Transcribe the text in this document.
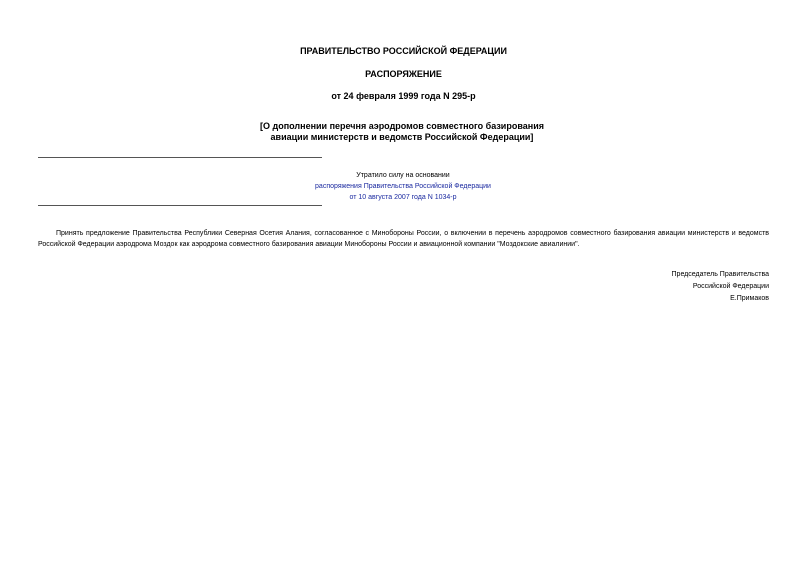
ПРАВИТЕЛЬСТВО РОССИЙСКОЙ ФЕДЕРАЦИИ
РАСПОРЯЖЕНИЕ
от 24 февраля 1999 года N 295-р
[О дополнении перечня аэродромов совместного базирования
авиации министерств и ведомств Российской Федерации]
Утратило силу на основании
распоряжения Правительства Российской Федерации
от 10 августа 2007 года N 1034-р
Принять предложение Правительства Республики Северная Осетия Алания, согласованное с Минобороны России, о включении в перечень аэродромов совместного базирования авиации министерств и ведомств Российской Федерации аэродрома Моздок как аэродрома совместного базирования авиации Минобороны России и авиационной компании "Моздокские авиалинии".
Председатель Правительства
Российской Федерации
Е.Примаков
